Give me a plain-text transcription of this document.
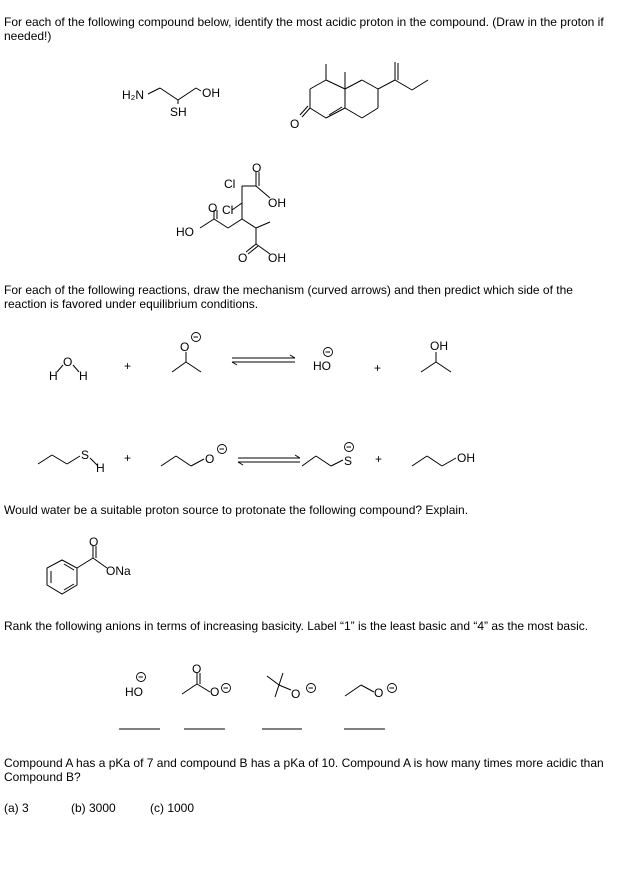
For each of the following compound below, identify the most acidic proton in the compound. (Draw in the proton if needed!)

H₂N	OH
SH
O
Cl
Cl
O
O
O
OH
OH
HO
H
O
H
+
O
−
HO
−
+
OH
S
H
+	O
−
S
−
+	OH
O
ONa
HO
−
O
O −	O −	O −

For each of the following reactions, draw the mechanism (curved arrows) and then predict which side of the reaction is favored under equilibrium conditions.

Would water be a suitable proton source to protonate the following compound? Explain.

Rank the following anions in terms of increasing basicity. Label “1” is the least basic and “4” as the most basic.

Compound A has a pKa of 7 and compound B has a pKa of 10. Compound A is how many times more acidic than Compound B?

(a) 3	(b) 3000	(c) 1000
